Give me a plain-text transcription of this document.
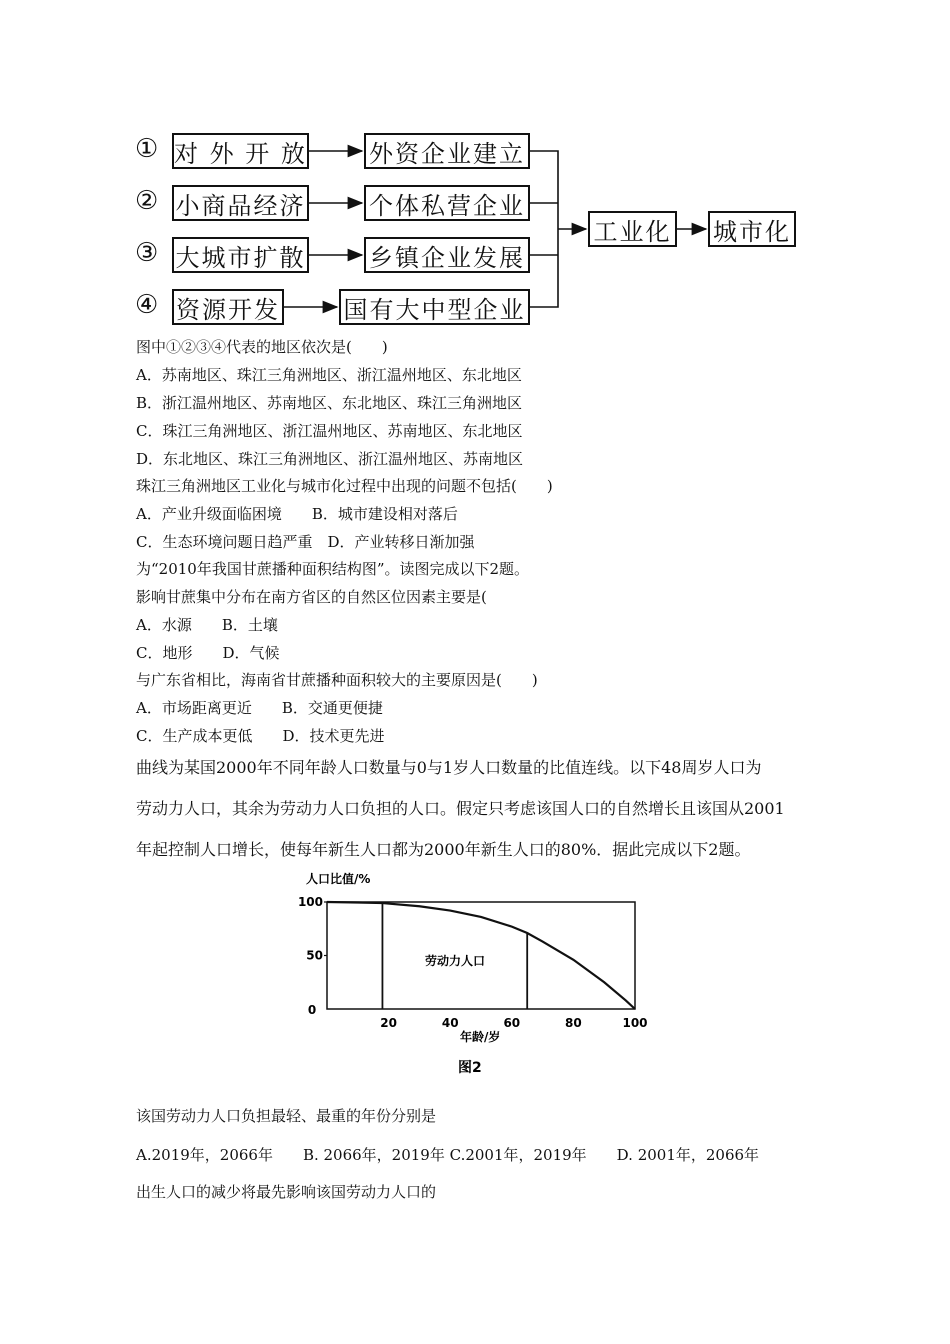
①
②
③
④
对 外 开 放
小商品经济
大城市扩散
资源开发
外资企业建立
个体私营企业
乡镇企业发展
国有大中型企业
工业化 城市化
图中①②③④代表的地区依次是(　　)
A．苏南地区、珠江三角洲地区、浙江温州地区、东北地区
B．浙江温州地区、苏南地区、东北地区、珠江三角洲地区
C．珠江三角洲地区、浙江温州地区、苏南地区、东北地区
D．东北地区、珠江三角洲地区、浙江温州地区、苏南地区
珠江三角洲地区工业化与城市化过程中出现的问题不包括(　　)
A．产业升级面临困境　　B．城市建设相对落后
C．生态环境问题日趋严重　D．产业转移日渐加强
为“2010年我国甘蔗播种面积结构图”。读图完成以下2题。
影响甘蔗集中分布在南方省区的自然区位因素主要是(
A．水源　　B．土壤
C．地形　　D．气候
与广东省相比，海南省甘蔗播种面积较大的主要原因是(　　)
A．市场距离更近　　B．交通更便捷
C．生产成本更低　　D．技术更先进
曲线为某国2000年不同年龄人口数量与0与1岁人口数量的比值连线。以下48周岁人口为
劳动力人口，其余为劳动力人口负担的人口。假定只考虑该国人口的自然增长且该国从2001
年起控制人口增长，使每年新生人口都为2000年新生人口的80%．据此完成以下2题。
人口比值/%
0
20	40	60	80	100
50
100
劳动力人口
年龄/岁
图2
该国劳动力人口负担最轻、最重的年份分别是
A.2019年，2066年　　B. 2066年，2019年 C.2001年，2019年　　D. 2001年，2066年
出生人口的减少将最先影响该国劳动力人口的
